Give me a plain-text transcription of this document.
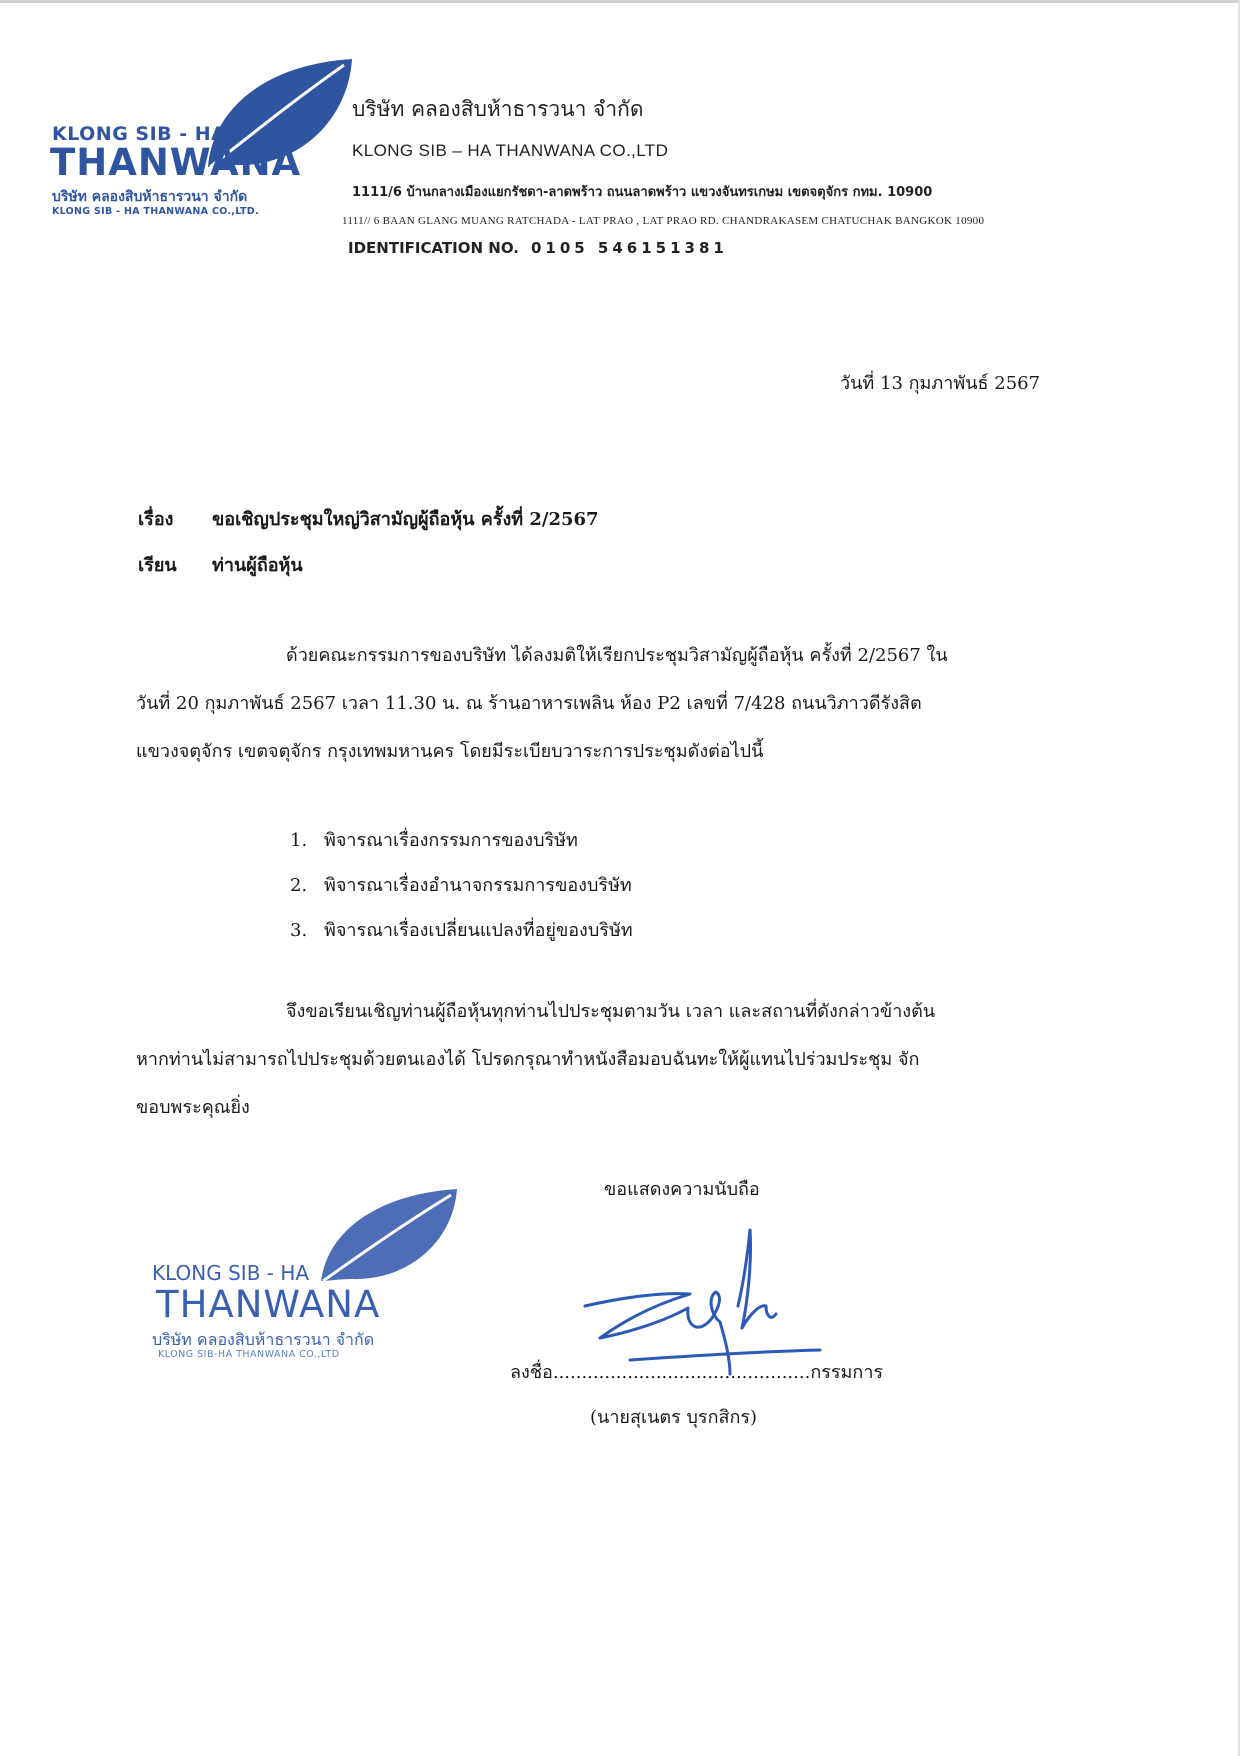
KLONG SIB - HA
THANWANA
บริษัท คลองสิบห้าธารวนา จำกัด
KLONG SIB - HA THANWANA CO.,LTD.
บริษัท คลองสิบห้าธารวนา จำกัด
KLONG SIB – HA THANWANA CO.,LTD
1111/6 บ้านกลางเมืองแยกรัชดา-ลาดพร้าว ถนนลาดพร้าว แขวงจันทรเกษม เขตจตุจักร กทม. 10900
1111// 6 BAAN GLANG MUANG RATCHADA - LAT PRAO , LAT PRAO RD. CHANDRAKASEM CHATUCHAK BANGKOK 10900
IDENTIFICATION NO. 0105 546151381
วันที่ 13 กุมภาพันธ์ 2567
เรื่อง ขอเชิญประชุมใหญ่วิสามัญผู้ถือหุ้น ครั้งที่ 2/2567
เรียน ท่านผู้ถือหุ้น
ด้วยคณะกรรมการของบริษัท ได้ลงมติให้เรียกประชุมวิสามัญผู้ถือหุ้น ครั้งที่ 2/2567 ใน
วันที่ 20 กุมภาพันธ์ 2567 เวลา 11.30 น. ณ ร้านอาหารเพลิน ห้อง P2 เลขที่ 7/428 ถนนวิภาวดีรังสิต
แขวงจตุจักร เขตจตุจักร กรุงเทพมหานคร โดยมีระเบียบวาระการประชุมดังต่อไปนี้
1. พิจารณาเรื่องกรรมการของบริษัท
2. พิจารณาเรื่องอำนาจกรรมการของบริษัท
3. พิจารณาเรื่องเปลี่ยนแปลงที่อยู่ของบริษัท
จึงขอเรียนเชิญท่านผู้ถือหุ้นทุกท่านไปประชุมตามวัน เวลา และสถานที่ดังกล่าวข้างต้น
หากท่านไม่สามารถไปประชุมด้วยตนเองได้ โปรดกรุณาทำหนังสือมอบฉันทะให้ผู้แทนไปร่วมประชุม จัก
ขอบพระคุณยิ่ง
ขอแสดงความนับถือ
ลงชื่อ.............................................กรรมการ
(นายสุเนตร บุรกสิกร)
KLONG SIB - HA
THANWANA
บริษัท คลองสิบห้าธารวนา จำกัด
KLONG SIB-HA THANWANA CO.,LTD
